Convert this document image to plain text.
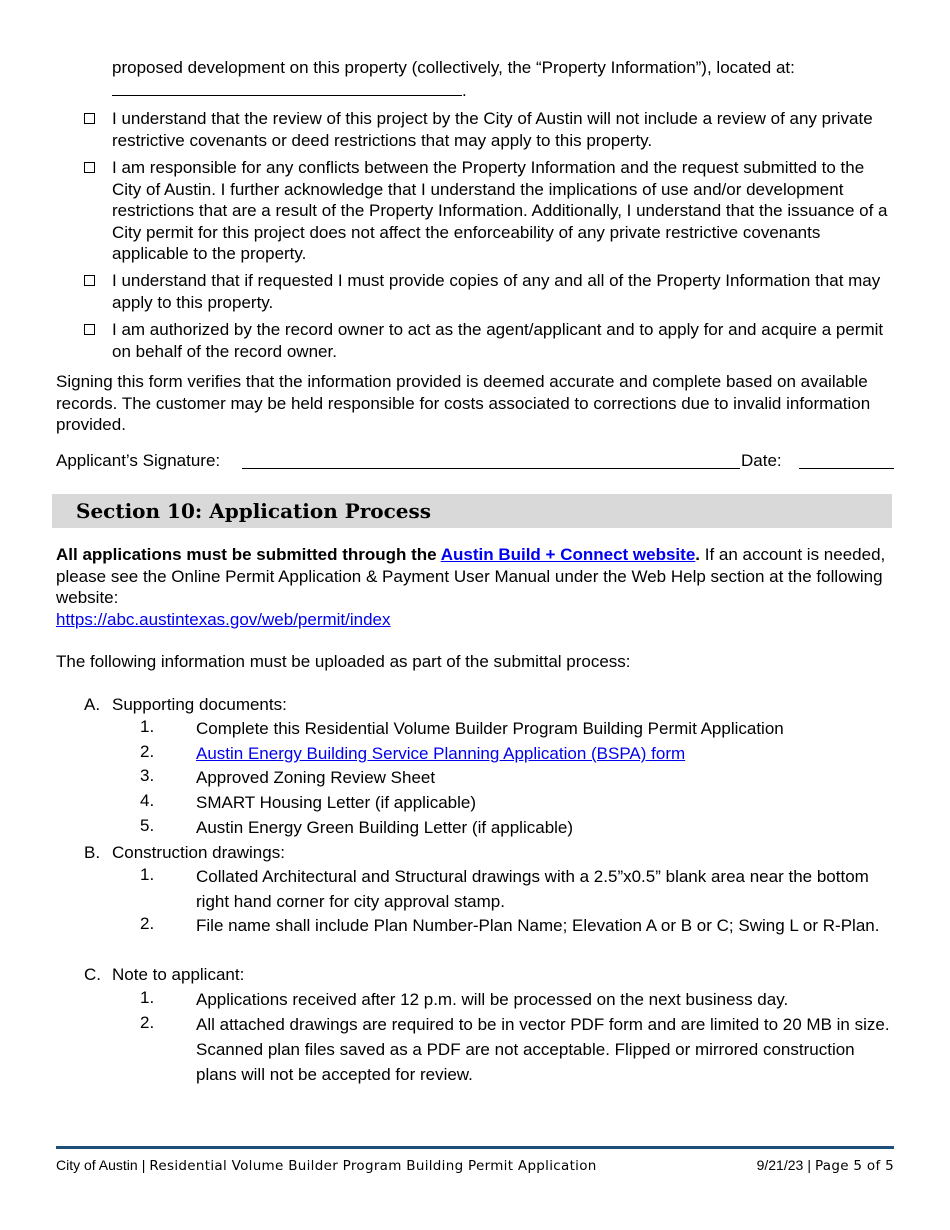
proposed development on this property (collectively, the “Property Information”), located at:
.
I understand that the review of this project by the City of Austin will not include a review of any private restrictive covenants or deed restrictions that may apply to this property.
I am responsible for any conflicts between the Property Information and the request submitted to the City of Austin. I further acknowledge that I understand the implications of use and/or development restrictions that are a result of the Property Information. Additionally, I understand that the issuance of a City permit for this project does not affect the enforceability of any private restrictive covenants applicable to the property.
I understand that if requested I must provide copies of any and all of the Property Information that may apply to this property.
I am authorized by the record owner to act as the agent/applicant and to apply for and acquire a permit on behalf of the record owner.
Signing this form verifies that the information provided is deemed accurate and complete based on available records. The customer may be held responsible for costs associated to corrections due to invalid information provided.
Applicant’s Signature:	Date:
Section 10: Application Process
All applications must be submitted through the Austin Build + Connect website. If an account is needed, please see the Online Permit Application & Payment User Manual under the Web Help section at the following website:
https://abc.austintexas.gov/web/permit/index
The following information must be uploaded as part of the submittal process:
A. Supporting documents:
1. Complete this Residential Volume Builder Program Building Permit Application
2. Austin Energy Building Service Planning Application (BSPA) form
3. Approved Zoning Review Sheet
4. SMART Housing Letter (if applicable)
5. Austin Energy Green Building Letter (if applicable)
B. Construction drawings:
1. Collated Architectural and Structural drawings with a 2.5”x0.5” blank area near the bottom right hand corner for city approval stamp.
2. File name shall include Plan Number-Plan Name; Elevation A or B or C; Swing L or R-Plan.
C. Note to applicant:
1. Applications received after 12 p.m. will be processed on the next business day.
2. All attached drawings are required to be in vector PDF form and are limited to 20 MB in size. Scanned plan files saved as a PDF are not acceptable. Flipped or mirrored construction plans will not be accepted for review.
City of Austin | Residential Volume Builder Program Building Permit Application	9/21/23 | Page 5 of 5
